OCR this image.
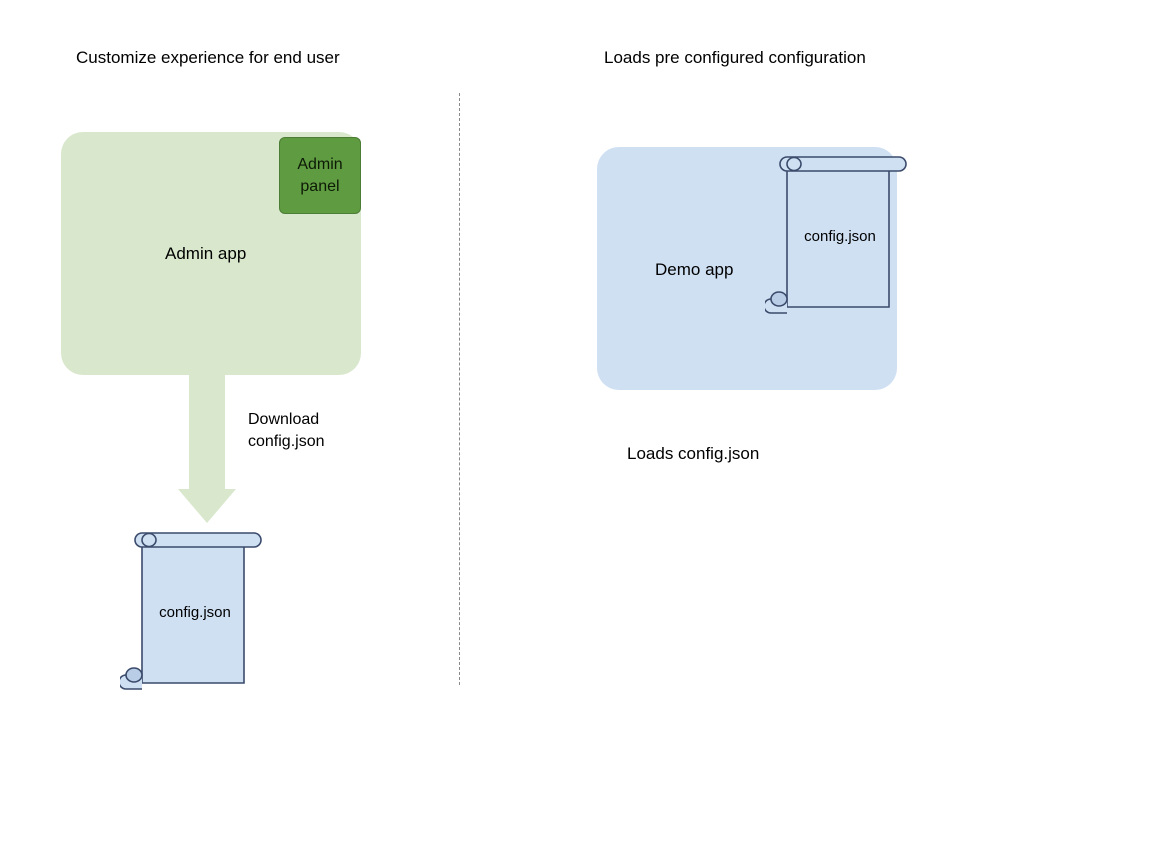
Customize experience for end user
Admin app
Admin
panel
Download
config.json
config.json
Loads pre configured configuration
Demo app
config.json
Loads config.json
